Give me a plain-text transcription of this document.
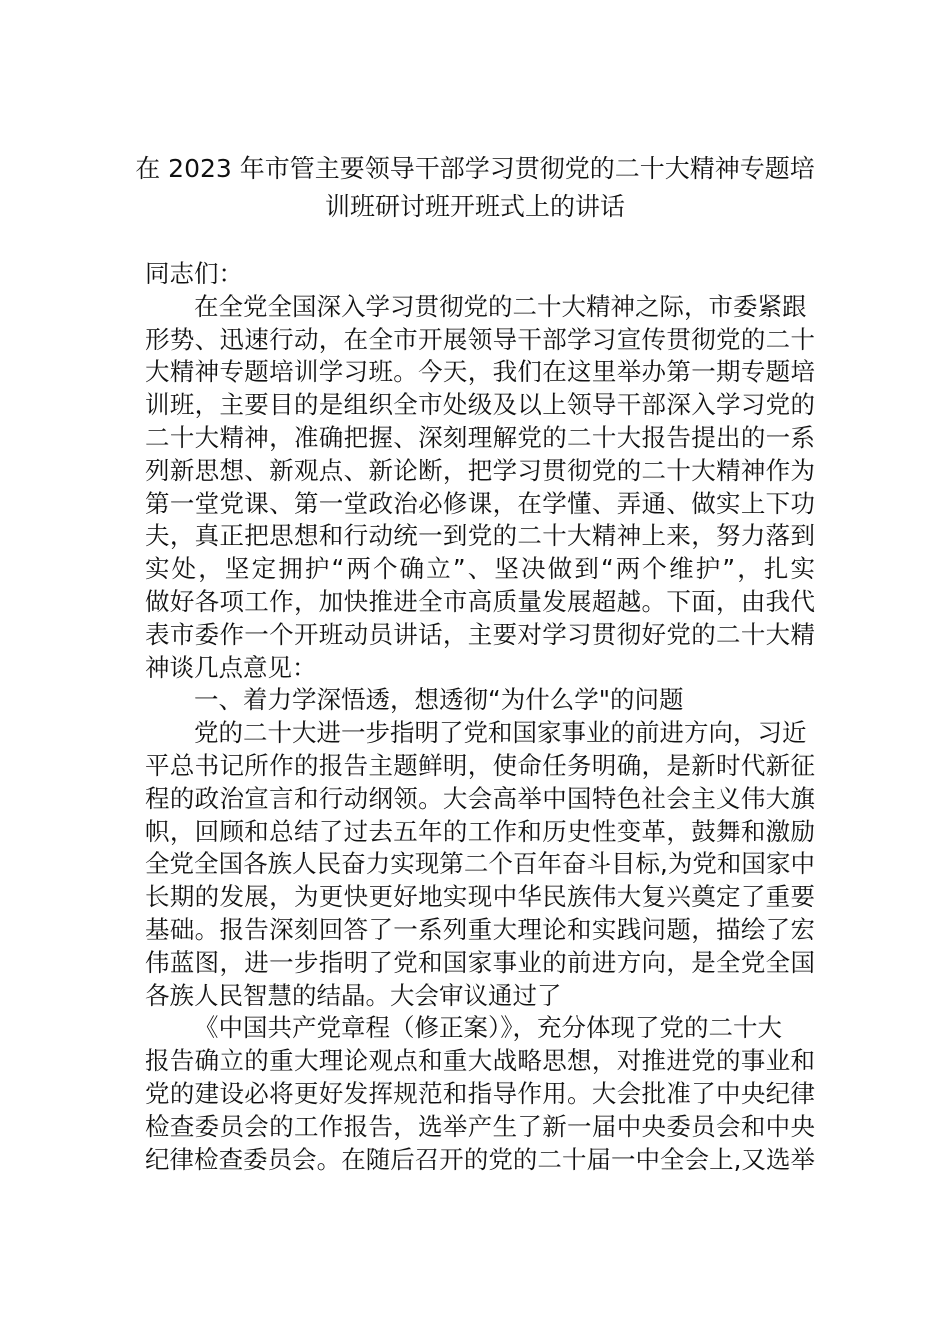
在 2023 年市管主要领导干部学习贯彻党的二十大精神专题培
训班研讨班开班式上的讲话
同志们：
在全党全国深入学习贯彻党的二十大精神之际，市委紧跟
形势、迅速行动，在全市开展领导干部学习宣传贯彻党的二十
大精神专题培训学习班。今天，我们在这里举办第一期专题培
训班，主要目的是组织全市处级及以上领导干部深入学习党的
二十大精神，准确把握、深刻理解党的二十大报告提出的一系
列新思想、新观点、新论断，把学习贯彻党的二十大精神作为
第一堂党课、第一堂政治必修课，在学懂、弄通、做实上下功
夫，真正把思想和行动统一到党的二十大精神上来，努力落到
实处，坚定拥护“两个确立”、坚决做到“两个维护”，扎实
做好各项工作，加快推进全市高质量发展超越。下面，由我代
表市委作一个开班动员讲话，主要对学习贯彻好党的二十大精
神谈几点意见：
一、着力学深悟透，想透彻“为什么学"的问题
党的二十大进一步指明了党和国家事业的前进方向，习近
平总书记所作的报告主题鲜明，使命任务明确，是新时代新征
程的政治宣言和行动纲领。大会高举中国特色社会主义伟大旗
帜，回顾和总结了过去五年的工作和历史性变革，鼓舞和激励
全党全国各族人民奋力实现第二个百年奋斗目标,为党和国家中
长期的发展，为更快更好地实现中华民族伟大复兴奠定了重要
基础。报告深刻回答了一系列重大理论和实践问题，描绘了宏
伟蓝图，进一步指明了党和国家事业的前进方向，是全党全国
各族人民智慧的结晶。大会审议通过了
《中国共产党章程（修正案）》，充分体现了党的二十大
报告确立的重大理论观点和重大战略思想，对推进党的事业和
党的建设必将更好发挥规范和指导作用。大会批准了中央纪律
检查委员会的工作报告，选举产生了新一届中央委员会和中央
纪律检查委员会。在随后召开的党的二十届一中全会上,又选举
